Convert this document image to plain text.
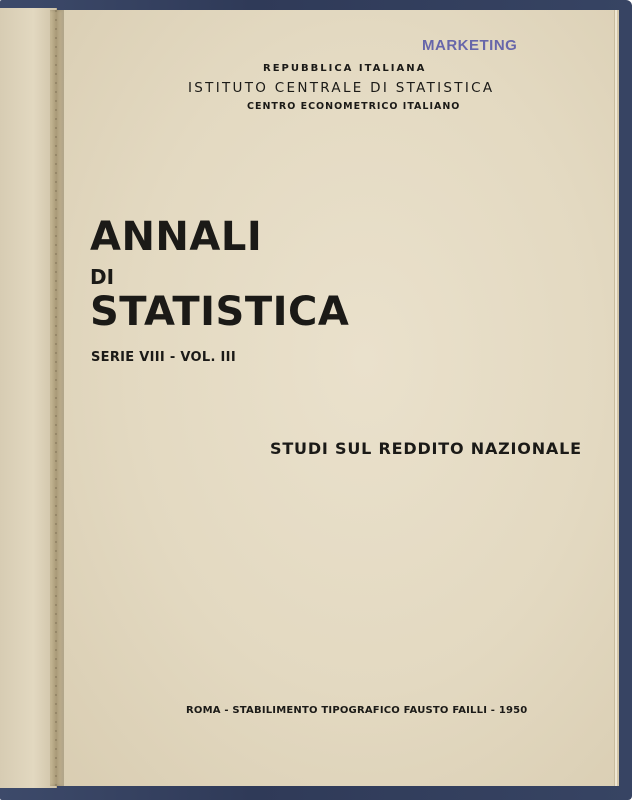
MARKETING
REPUBBLICA ITALIANA
ISTITUTO CENTRALE DI STATISTICA
CENTRO ECONOMETRICO ITALIANO
ANNALI
DI
STATISTICA
SERIE VIII - VOL. III
STUDI SUL REDDITO NAZIONALE
ROMA - STABILIMENTO TIPOGRAFICO FAUSTO FAILLI - 1950
